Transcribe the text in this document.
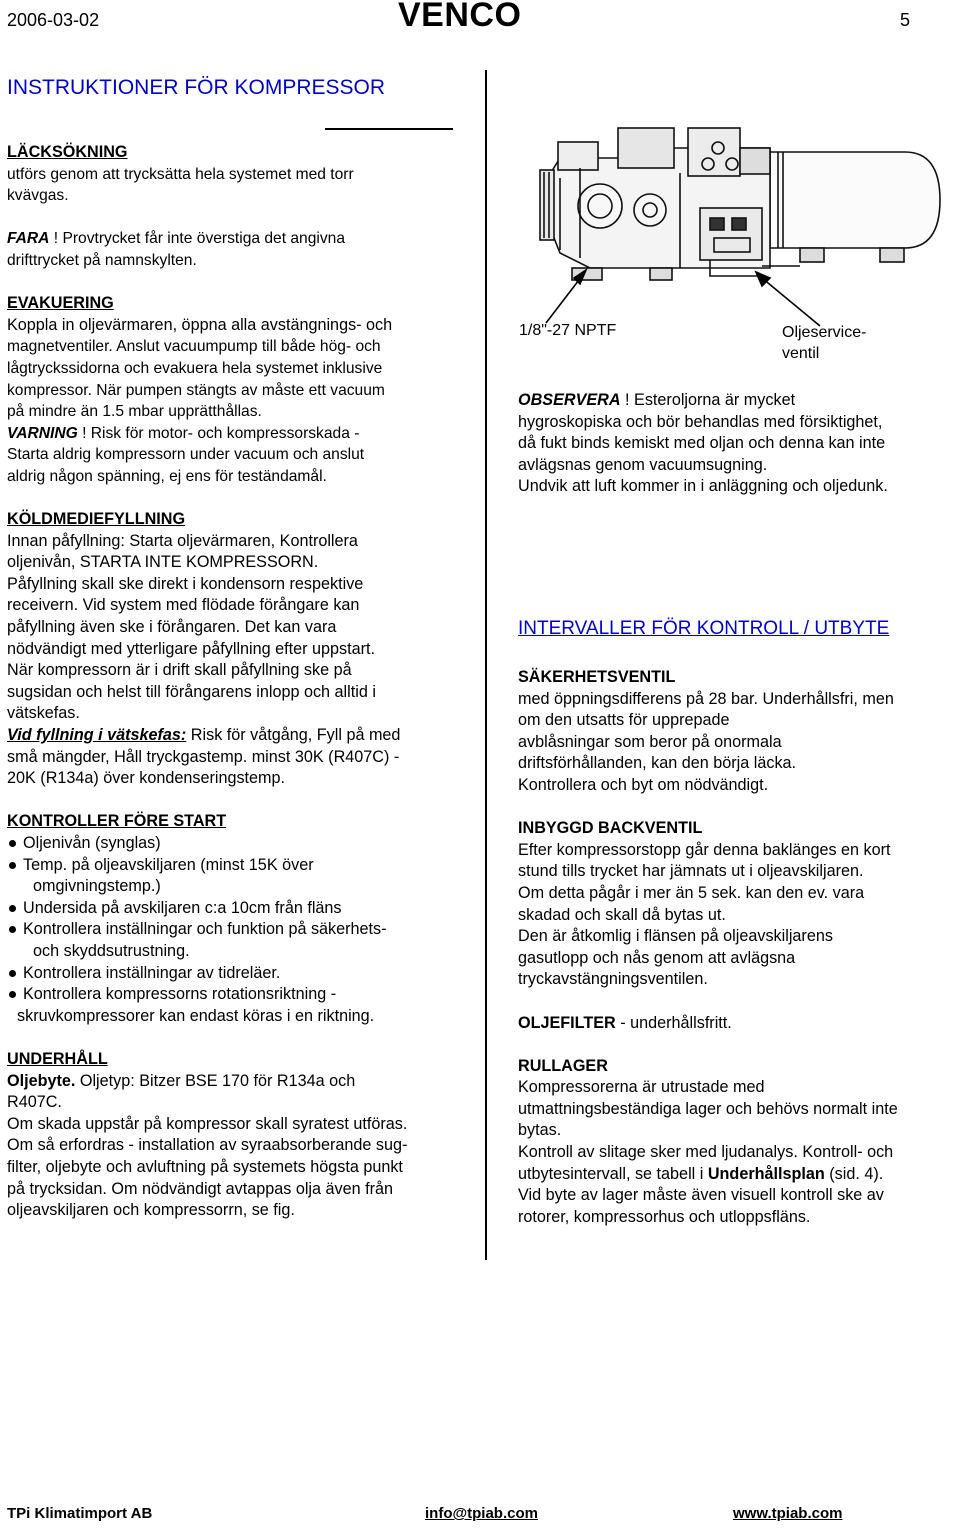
2006-03-02	VENCO	5
INSTRUKTIONER FÖR KOMPRESSOR
LÄCKSÖKNING
utförs genom att trycksätta hela systemet med torr
kvävgas.
FARA ! Provtrycket får inte överstiga det angivna
drifttrycket på namnskylten.
EVAKUERING
Koppla in oljevärmaren, öppna alla avstängnings- och
magnetventiler. Anslut vacuumpump till både hög- och
lågtryckssidorna och evakuera hela systemet inklusive
kompressor. När pumpen stängts av måste ett vacuum
på mindre än 1.5 mbar upprätthållas.
VARNING ! Risk för motor- och kompressorskada -
Starta aldrig kompressorn under vacuum och anslut
aldrig någon spänning, ej ens för teständamål.
KÖLDMEDIEFYLLNING
Innan påfyllning: Starta oljevärmaren, Kontrollera
oljenivån, STARTA INTE KOMPRESSORN.
Påfyllning skall ske direkt i kondensorn respektive
receivern. Vid system med flödade förångare kan
påfyllning även ske i förångaren. Det kan vara
nödvändigt med ytterligare påfyllning efter uppstart.
När kompressorn är i drift skall påfyllning ske på
sugsidan och helst till förångarens inlopp och alltid i
vätskefas.
Vid fyllning i vätskefas: Risk för våtgång, Fyll på med
små mängder, Håll tryckgastemp. minst 30K (R407C) -
20K (R134a) över kondenseringstemp.
KONTROLLER FÖRE START
Oljenivån (synglas)
Temp. på oljeavskiljaren (minst 15K över
omgivningstemp.)
Undersida på avskiljaren c:a 10cm från fläns
Kontrollera inställningar och funktion på säkerhets-
och skyddsutrustning.
Kontrollera inställningar av tidreläer.
Kontrollera kompressorns rotationsriktning -
skruvkompressorer kan endast köras i en riktning.
UNDERHÅLL
Oljebyte. Oljetyp: Bitzer BSE 170 för R134a och
R407C.
Om skada uppstår på kompressor skall syratest utföras.
Om så erfordras - installation av syraabsorberande sug-
filter, oljebyte och avluftning på systemets högsta punkt
på trycksidan. Om nödvändigt avtappas olja även från
oljeavskiljaren och kompressorrn, se fig.
1/8"-27 NPTF	Oljeservice-
ventil
OBSERVERA ! Esteroljorna är mycket
hygroskopiska och bör behandlas med försiktighet,
då fukt binds kemiskt med oljan och denna kan inte
avlägsnas genom vacuumsugning.
Undvik att luft kommer in i anläggning och oljedunk.
INTERVALLER FÖR KONTROLL / UTBYTE
SÄKERHETSVENTIL
med öppningsdifferens på 28 bar. Underhållsfri, men
om den utsatts för upprepade
avblåsningar som beror på onormala
driftsförhållanden, kan den börja läcka.
Kontrollera och byt om nödvändigt.
INBYGGD BACKVENTIL
Efter kompressorstopp går denna baklänges en kort
stund tills trycket har jämnats ut i oljeavskiljaren.
Om detta pågår i mer än 5 sek. kan den ev. vara
skadad och skall då bytas ut.
Den är åtkomlig i flänsen på oljeavskiljarens
gasutlopp och nås genom att avlägsna
tryckavstängningsventilen.
OLJEFILTER - underhållsfritt.
RULLAGER
Kompressorerna är utrustade med
utmattningsbeständiga lager och behövs normalt inte
bytas.
Kontroll av slitage sker med ljudanalys. Kontroll- och
utbytesintervall, se tabell i Underhållsplan (sid. 4).
Vid byte av lager måste även visuell kontroll ske av
rotorer, kompressorhus och utloppsfläns.
TPi Klimatimport AB	info@tpiab.com	www.tpiab.com
